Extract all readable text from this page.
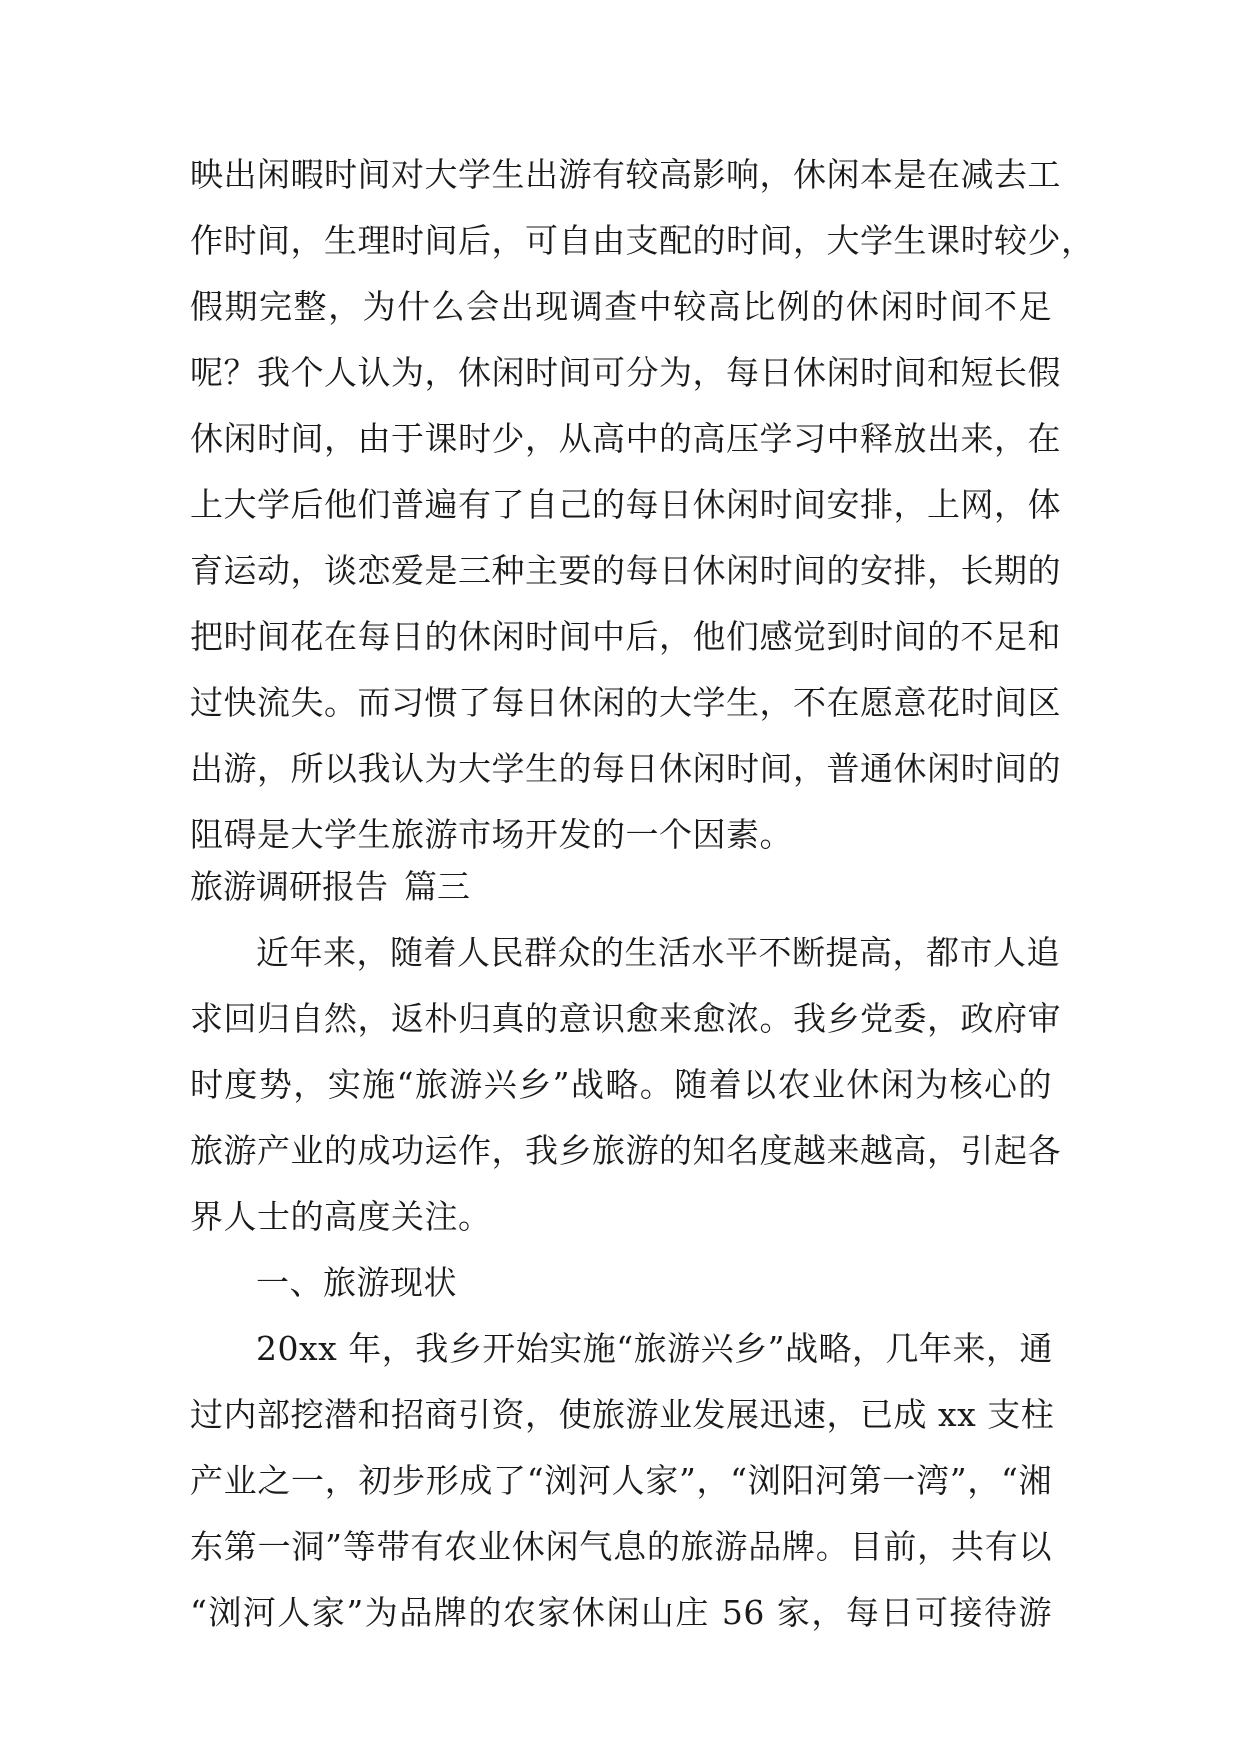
映出闲暇时间对大学生出游有较高影响，休闲本是在减去工
作时间，生理时间后，可自由支配的时间，大学生课时较少，
假期完整，为什么会出现调查中较高比例的休闲时间不足
呢？我个人认为，休闲时间可分为，每日休闲时间和短长假
休闲时间，由于课时少，从高中的高压学习中释放出来，在
上大学后他们普遍有了自己的每日休闲时间安排，上网，体
育运动，谈恋爱是三种主要的每日休闲时间的安排，长期的
把时间花在每日的休闲时间中后，他们感觉到时间的不足和
过快流失。而习惯了每日休闲的大学生，不在愿意花时间区
出游，所以我认为大学生的每日休闲时间，普通休闲时间的
阻碍是大学生旅游市场开发的一个因素。
旅游调研报告 篇三
近年来，随着人民群众的生活水平不断提高，都市人追
求回归自然，返朴归真的意识愈来愈浓。我乡党委，政府审
时度势，实施“旅游兴乡”战略。随着以农业休闲为核心的
旅游产业的成功运作，我乡旅游的知名度越来越高，引起各
界人士的高度关注。
一、旅游现状
20xx 年，我乡开始实施“旅游兴乡”战略，几年来，通
过内部挖潜和招商引资，使旅游业发展迅速，已成 xx 支柱
产业之一，初步形成了“浏河人家”，“浏阳河第一湾”，“湘
东第一洞”等带有农业休闲气息的旅游品牌。目前，共有以
“浏河人家”为品牌的农家休闲山庄 56 家，每日可接待游
